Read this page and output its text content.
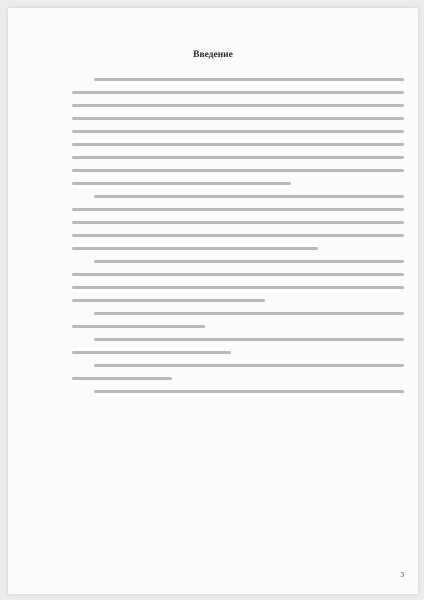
Введение
3
